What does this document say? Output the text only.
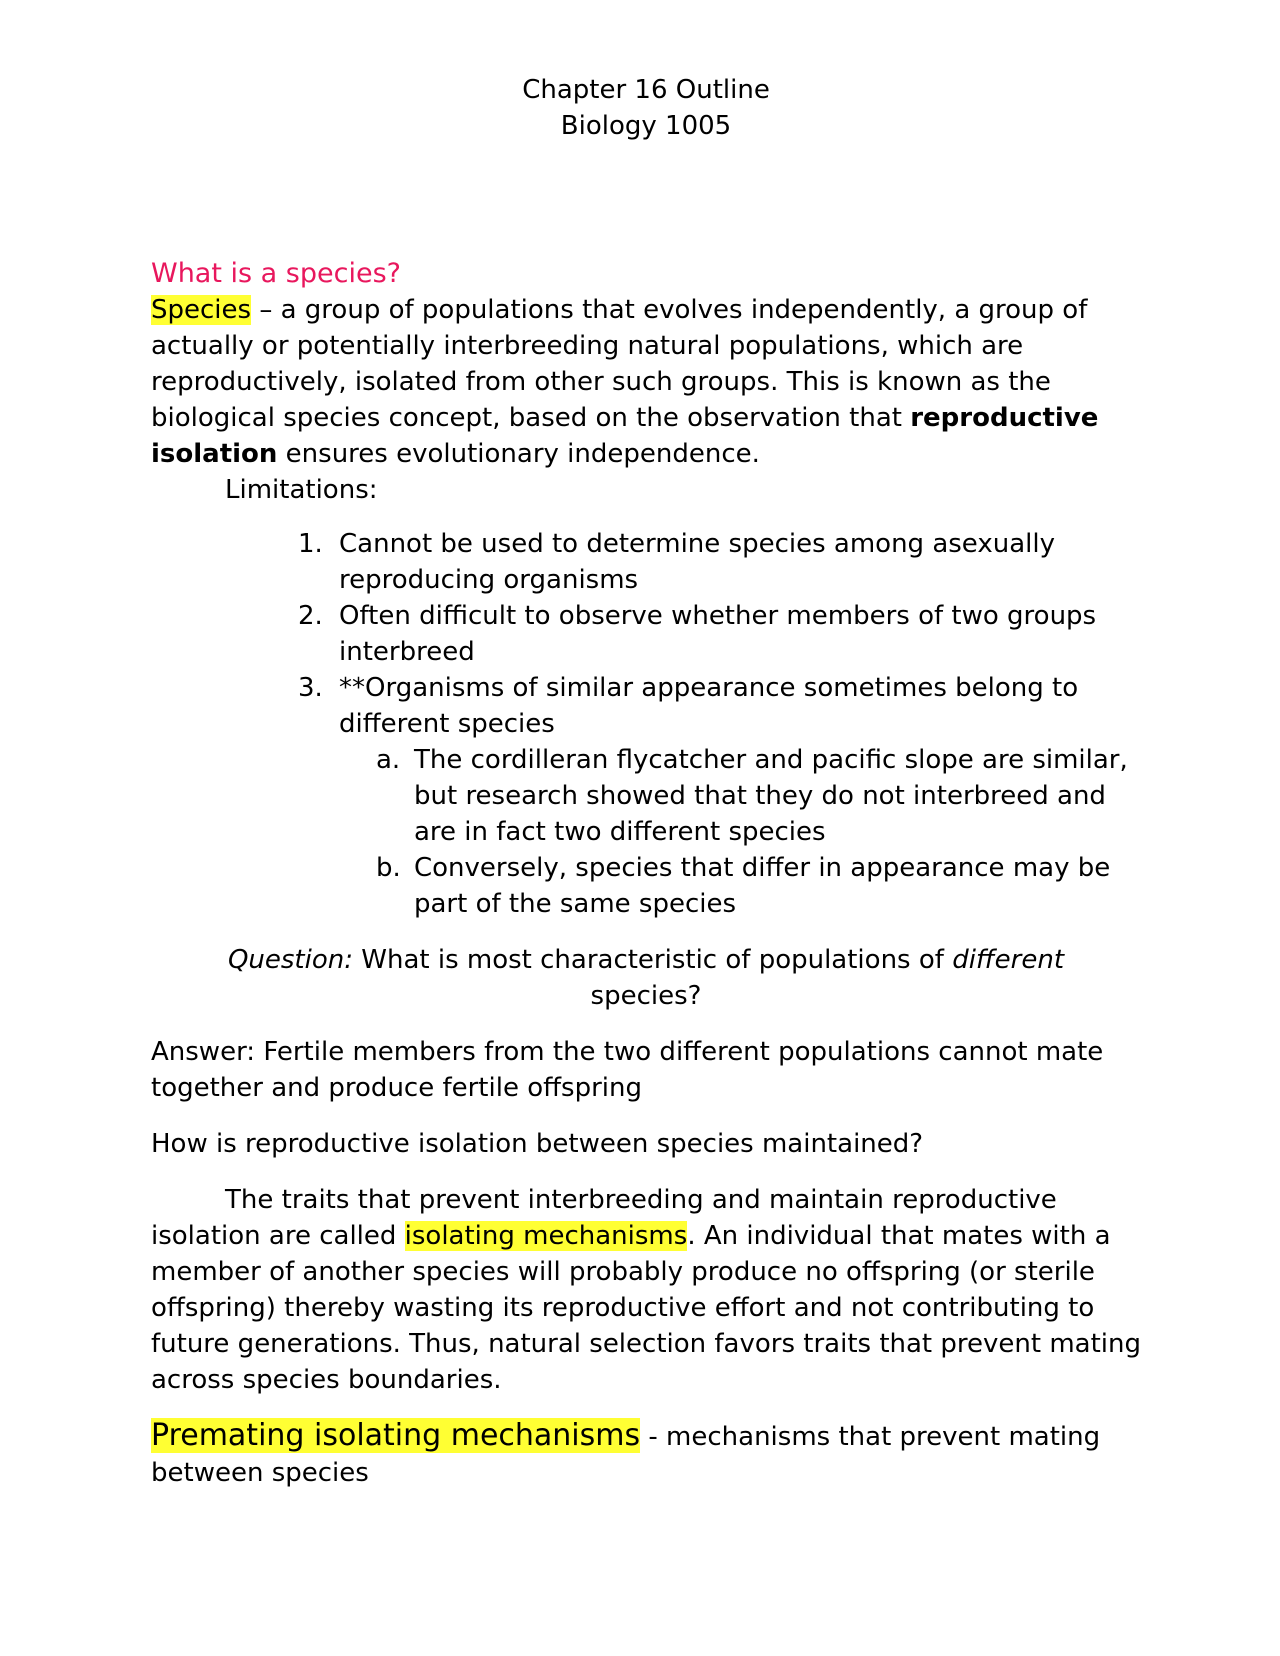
Chapter 16 Outline

Biology 1005

What is a species?

Species – a group of populations that evolves independently, a group of actually or potentially interbreeding natural populations, which are reproductively, isolated from other such groups. This is known as the biological species concept, based on the observation that reproductive isolation ensures evolutionary independence.

Limitations:

1. Cannot be used to determine species among asexually reproducing organisms
2. Often difficult to observe whether members of two groups interbreed
3. **Organisms of similar appearance sometimes belong to different species
a. The cordilleran flycatcher and pacific slope are similar, but research showed that they do not interbreed and are in fact two different species
b. Conversely, species that differ in appearance may be part of the same species

Question: What is most characteristic of populations of different species?

Answer: Fertile members from the two different populations cannot mate together and produce fertile offspring

How is reproductive isolation between species maintained?

The traits that prevent interbreeding and maintain reproductive isolation are called isolating mechanisms. An individual that mates with a member of another species will probably produce no offspring (or sterile offspring) thereby wasting its reproductive effort and not contributing to future generations. Thus, natural selection favors traits that prevent mating across species boundaries.

Premating isolating mechanisms - mechanisms that prevent mating between species
